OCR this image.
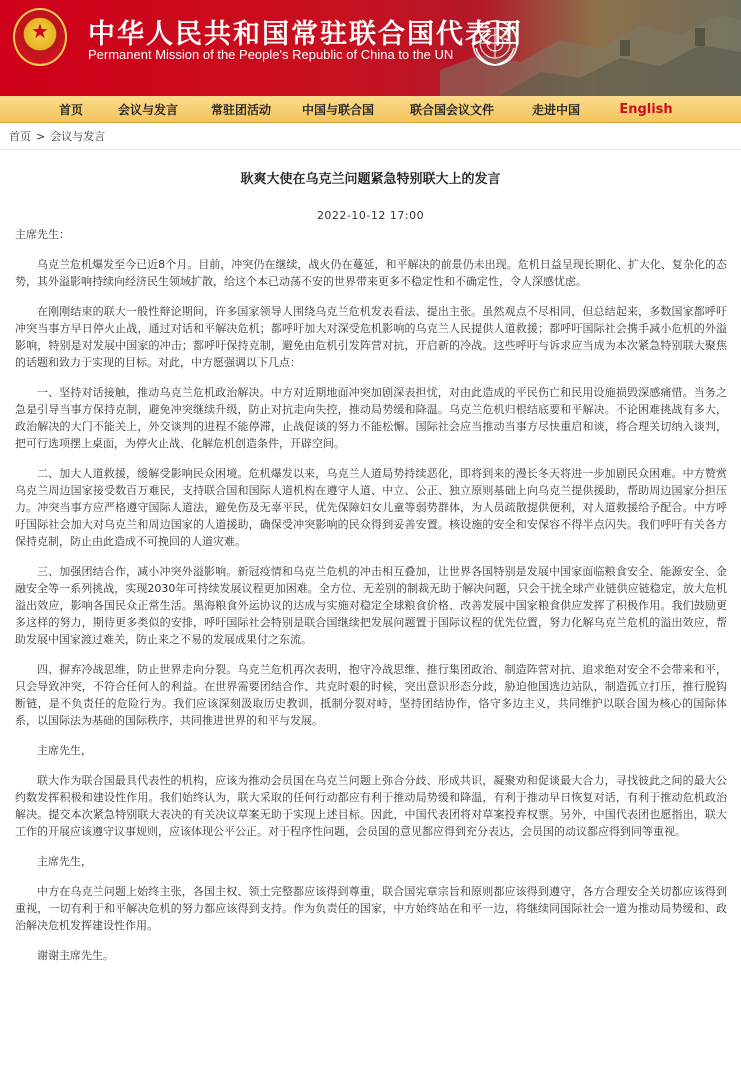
★ 中华人民共和国常驻联合国代表团
Permanent Mission of the People's Republic of China to the UN
首页	会议与发言	常驻团活动	中国与联合国	联合国会议文件	走进中国	English
首页 > 会议与发言
耿爽大使在乌克兰问题紧急特别联大上的发言
2022-10-12 17:00

主席先生：

乌克兰危机爆发至今已近8个月。目前，冲突仍在继续，战火仍在蔓延，和平解决的前景仍未出现。危机日益呈现长期化、扩大化、复杂化的态势，其外溢影响持续向经济民生领域扩散，给这个本已动荡不安的世界带来更多不稳定性和不确定性，令人深感忧虑。

在刚刚结束的联大一般性辩论期间，许多国家领导人围绕乌克兰危机发表看法、提出主张。虽然观点不尽相同，但总结起来，多数国家都呼吁冲突当事方早日停火止战，通过对话和平解决危机；都呼吁加大对深受危机影响的乌克兰人民提供人道救援；都呼吁国际社会携手减小危机的外溢影响，特别是对发展中国家的冲击；都呼吁保持克制，避免由危机引发阵营对抗，开启新的冷战。这些呼吁与诉求应当成为本次紧急特别联大聚焦的话题和致力于实现的目标。对此，中方愿强调以下几点：

一、坚持对话接触，推动乌克兰危机政治解决。中方对近期地面冲突加剧深表担忧，对由此造成的平民伤亡和民用设施损毁深感痛惜。当务之急是引导当事方保持克制，避免冲突继续升级，防止对抗走向失控，推动局势缓和降温。乌克兰危机归根结底要和平解决。不论困难挑战有多大，政治解决的大门不能关上，外交谈判的进程不能停滞，止战促谈的努力不能松懈。国际社会应当推动当事方尽快重启和谈，将合理关切纳入谈判，把可行选项摆上桌面，为停火止战、化解危机创造条件，开辟空间。

二、加大人道救援，缓解受影响民众困境。危机爆发以来，乌克兰人道局势持续恶化，即将到来的漫长冬天将进一步加剧民众困难。中方赞赏乌克兰周边国家接受数百万难民，支持联合国和国际人道机构在遵守人道、中立、公正、独立原则基础上向乌克兰提供援助，帮助周边国家分担压力。冲突当事方应严格遵守国际人道法，避免伤及无辜平民，优先保障妇女儿童等弱势群体，为人员疏散提供便利，对人道救援给予配合。中方呼吁国际社会加大对乌克兰和周边国家的人道援助，确保受冲突影响的民众得到妥善安置。核设施的安全和安保容不得半点闪失。我们呼吁有关各方保持克制，防止由此造成不可挽回的人道灾难。

三、加强团结合作，减小冲突外溢影响。新冠疫情和乌克兰危机的冲击相互叠加，让世界各国特别是发展中国家面临粮食安全、能源安全、金融安全等一系列挑战，实现2030年可持续发展议程更加困难。全方位、无差别的制裁无助于解决问题，只会干扰全球产业链供应链稳定，放大危机溢出效应，影响各国民众正常生活。黑海粮食外运协议的达成与实施对稳定全球粮食价格、改善发展中国家粮食供应发挥了积极作用。我们鼓励更多这样的努力，期待更多类似的安排，呼吁国际社会特别是联合国继续把发展问题置于国际议程的优先位置，努力化解乌克兰危机的溢出效应，帮助发展中国家渡过难关，防止来之不易的发展成果付之东流。

四、摒弃冷战思维，防止世界走向分裂。乌克兰危机再次表明，抱守冷战思维、推行集团政治、制造阵营对抗、追求绝对安全不会带来和平，只会导致冲突，不符合任何人的利益。在世界需要团结合作、共克时艰的时候，突出意识形态分歧，胁迫他国选边站队，制造孤立打压，推行脱钩断链，是不负责任的危险行为。我们应该深刻汲取历史教训，抵制分裂对峙，坚持团结协作，恪守多边主义，共同维护以联合国为核心的国际体系，以国际法为基础的国际秩序，共同推进世界的和平与发展。

主席先生，

联大作为联合国最具代表性的机构，应该为推动会员国在乌克兰问题上弥合分歧、形成共识，凝聚劝和促谈最大合力，寻找彼此之间的最大公约数发挥积极和建设性作用。我们始终认为，联大采取的任何行动都应有利于推动局势缓和降温，有利于推动早日恢复对话，有利于推动危机政治解决。提交本次紧急特别联大表决的有关决议草案无助于实现上述目标。因此，中国代表团将对草案投弃权票。另外，中国代表团也愿指出，联大工作的开展应该遵守议事规则，应该体现公平公正。对于程序性问题，会员国的意见都应得到充分表达，会员国的动议都应得到同等重视。

主席先生，

中方在乌克兰问题上始终主张，各国主权、领土完整都应该得到尊重，联合国宪章宗旨和原则都应该得到遵守，各方合理安全关切都应该得到重视，一切有利于和平解决危机的努力都应该得到支持。作为负责任的国家，中方始终站在和平一边，将继续同国际社会一道为推动局势缓和、政治解决危机发挥建设性作用。

谢谢主席先生。
